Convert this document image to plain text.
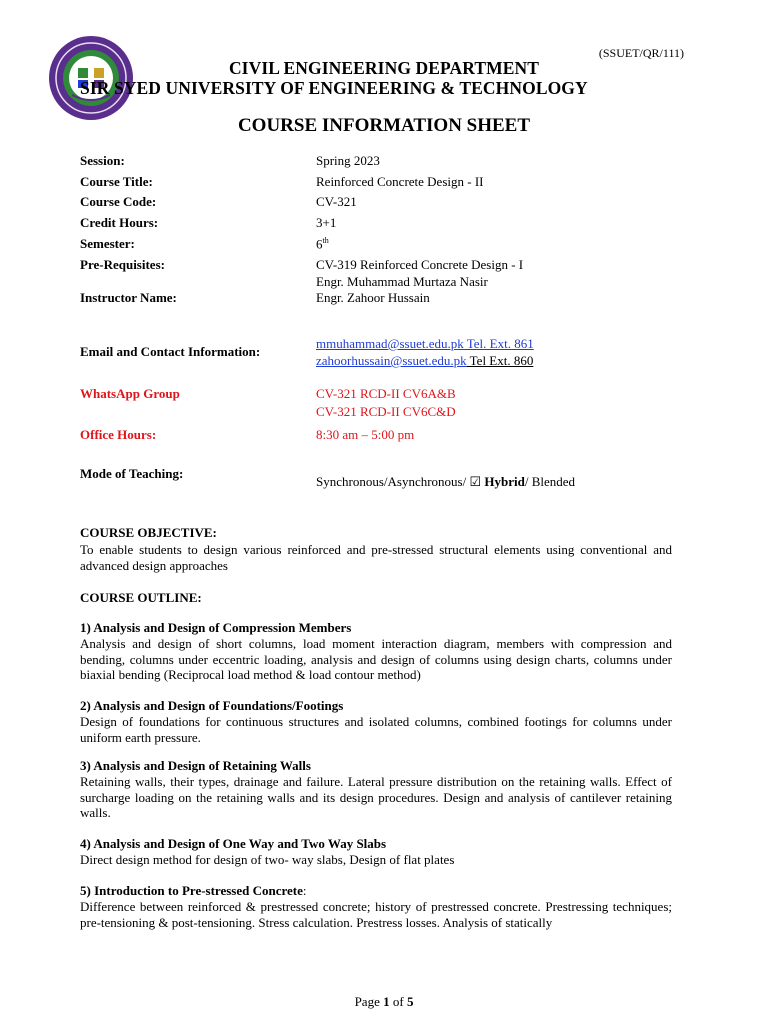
(SSUET/QR/111)
CIVIL ENGINEERING DEPARTMENT
SIR SYED UNIVERSITY OF ENGINEERING & TECHNOLOGY
COURSE INFORMATION SHEET
Session:	Spring 2023
Course Title:	Reinforced Concrete Design - II
Course Code:	CV-321
Credit Hours:	3+1
Semester:	6th
Pre-Requisites:	CV-319 Reinforced Concrete Design - I
Engr. Muhammad Murtaza Nasir
Instructor Name:	Engr. Zahoor Hussain
Email and Contact Information:
mmuhammad@ssuet.edu.pk Tel. Ext. 861
zahoorhussain@ssuet.edu.pk Tel Ext. 860
WhatsApp Group	CV-321 RCD-II CV6A&B
CV-321 RCD-II CV6C&D
Office Hours:	8:30 am – 5:00 pm
Mode of Teaching:
Synchronous/Asynchronous/ ☑ Hybrid/ Blended
COURSE OBJECTIVE:
To enable students to design various reinforced and pre-stressed structural elements using conventional and advanced design approaches
COURSE OUTLINE:
1) Analysis and Design of Compression Members
Analysis and design of short columns, load moment interaction diagram, members with compression and bending, columns under eccentric loading, analysis and design of columns using design charts, columns under biaxial bending (Reciprocal load method & load contour method)
2) Analysis and Design of Foundations/Footings
Design of foundations for continuous structures and isolated columns, combined footings for columns under uniform earth pressure.
3) Analysis and Design of Retaining Walls
Retaining walls, their types, drainage and failure. Lateral pressure distribution on the retaining walls. Effect of surcharge loading on the retaining walls and its design procedures. Design and analysis of cantilever retaining walls.
4) Analysis and Design of One Way and Two Way Slabs
Direct design method for design of two- way slabs, Design of flat plates
5) Introduction to Pre-stressed Concrete:
Difference between reinforced & prestressed concrete; history of prestressed concrete. Prestressing techniques; pre-tensioning & post-tensioning. Stress calculation. Prestress losses. Analysis of statically
Page 1 of 5
